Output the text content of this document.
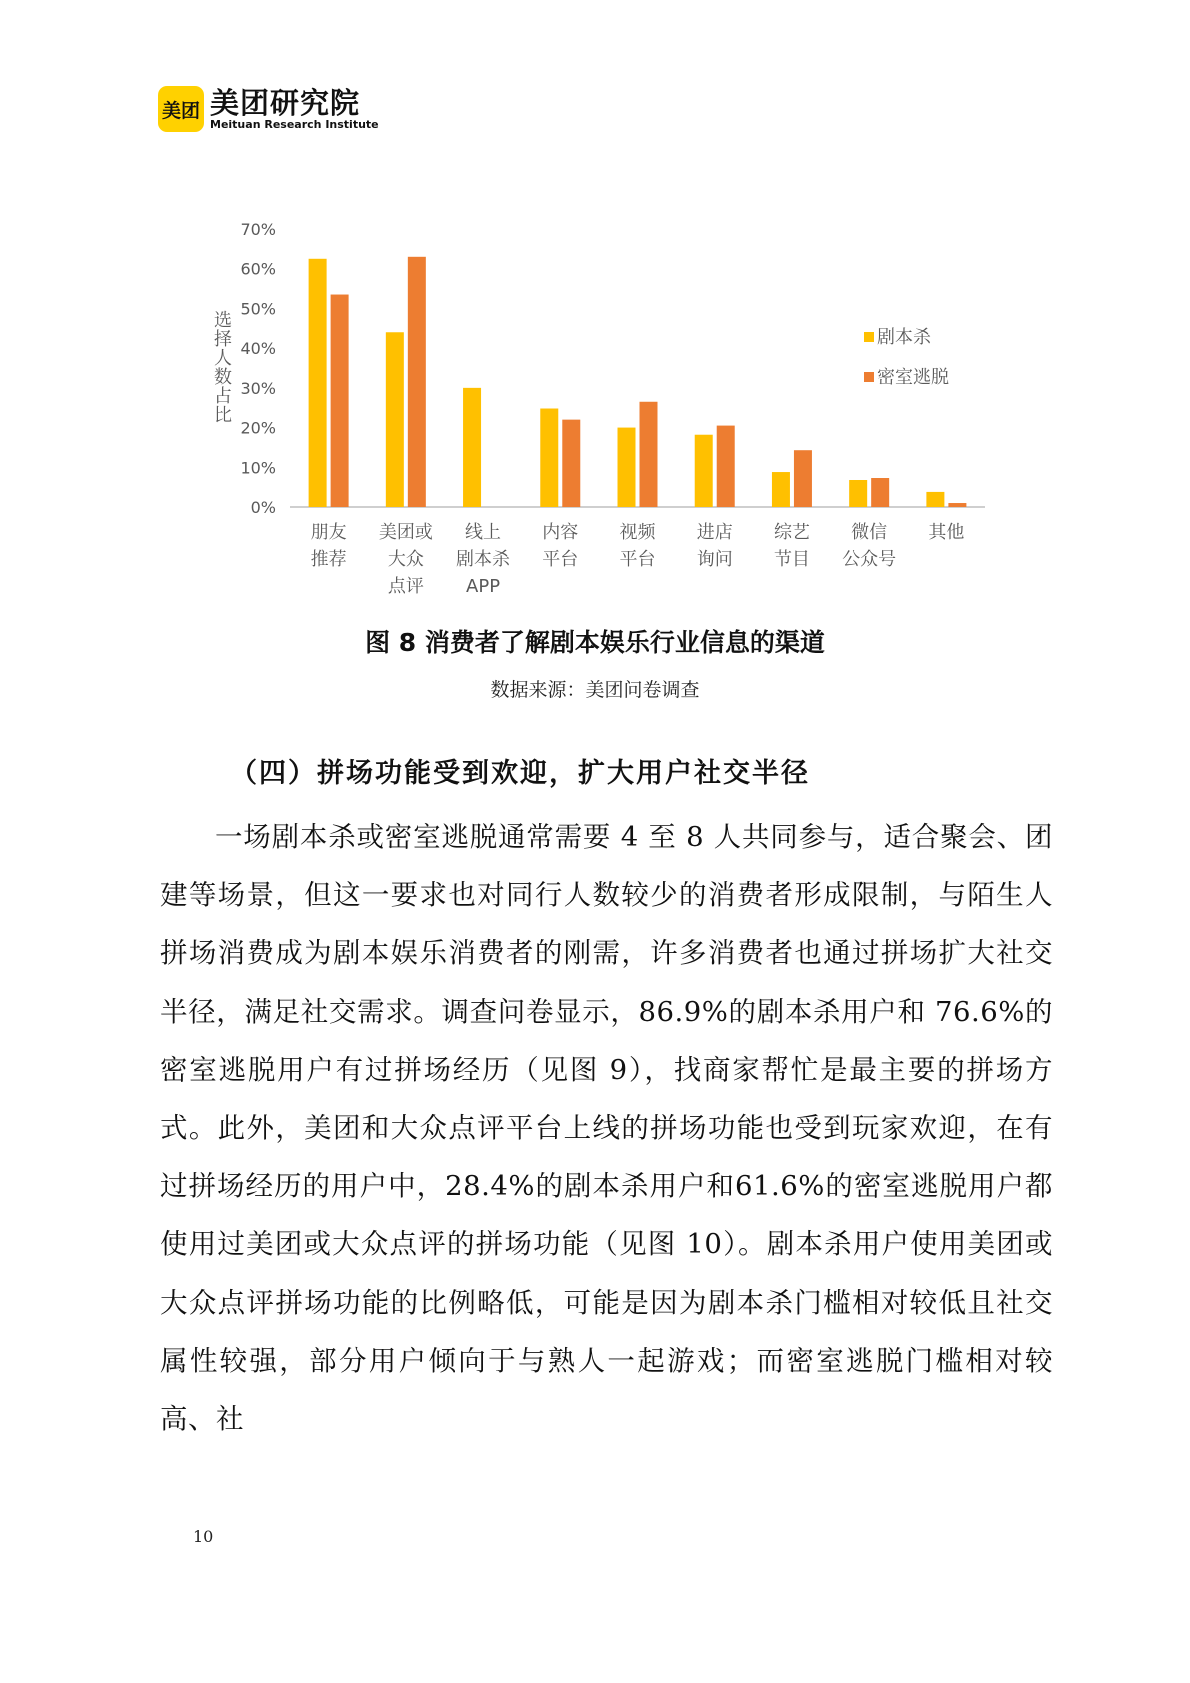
美团 美团研究院
Meituan Research Institute
0%
10%
20%
30%
40%
50%
60%
70%
选
择
人
数
占
比
朋友
推荐
美团或
大众
点评
线上
剧本杀
APP
内容
平台
视频
平台
进店
询问
综艺
节目
微信
公众号
其他
剧本杀
密室逃脱
图 8 消费者了解剧本娱乐行业信息的渠道
数据来源：美团问卷调查
（四）拼场功能受到欢迎，扩大用户社交半径

一场剧本杀或密室逃脱通常需要 4 至 8 人共同参与，适合聚会、团建等场景，但这一要求也对同行人数较少的消费者形成限制，与陌生人拼场消费成为剧本娱乐消费者的刚需，许多消费者也通过拼场扩大社交半径，满足社交需求。调查问卷显示，86.9%的剧本杀用户和 76.6%的密室逃脱用户有过拼场经历（见图 9），找商家帮忙是最主要的拼场方式。此外，美团和大众点评平台上线的拼场功能也受到玩家欢迎，在有过拼场经历的用户中，28.4%的剧本杀用户和61.6%的密室逃脱用户都使用过美团或大众点评的拼场功能（见图 10）。剧本杀用户使用美团或大众点评拼场功能的比例略低，可能是因为剧本杀门槛相对较低且社交属性较强，部分用户倾向于与熟人一起游戏；而密室逃脱门槛相对较高、社

10
